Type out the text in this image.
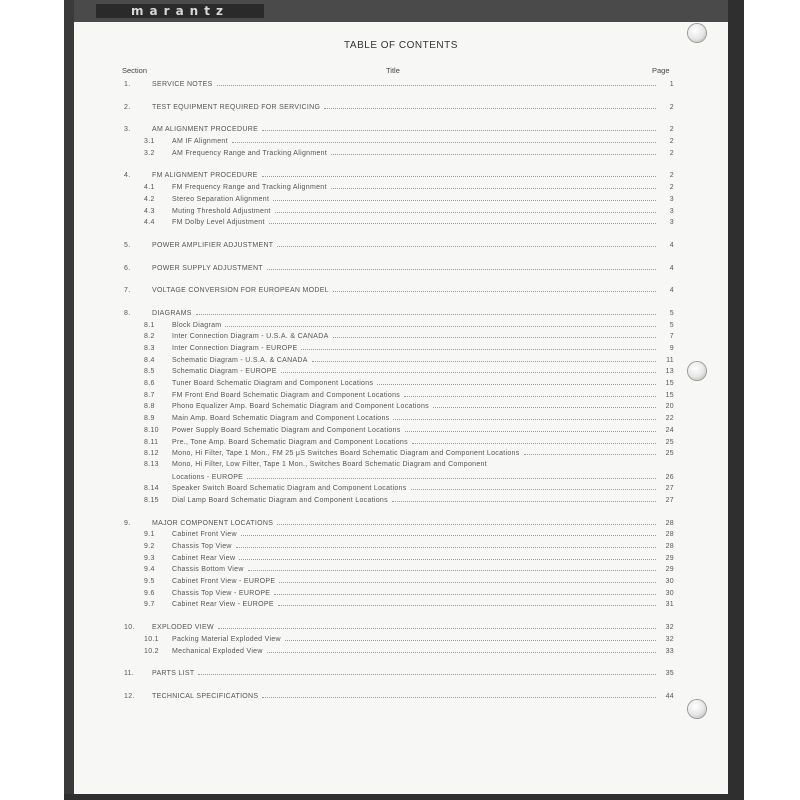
marantz
TABLE OF CONTENTS
Section	Title	Page
1.	SERVICE NOTES	1
2.	TEST EQUIPMENT REQUIRED FOR SERVICING	2
3.	AM ALIGNMENT PROCEDURE	2
3.1	AM IF Alignment	2
3.2	AM Frequency Range and Tracking Alignment	2
4.	FM ALIGNMENT PROCEDURE	2
4.1	FM Frequency Range and Tracking Alignment	2
4.2	Stereo Separation Alignment	3
4.3	Muting Threshold Adjustment	3
4.4	FM Dolby Level Adjustment	3
5.	POWER AMPLIFIER ADJUSTMENT	4
6.	POWER SUPPLY ADJUSTMENT	4
7.	VOLTAGE CONVERSION FOR EUROPEAN MODEL	4
8.	DIAGRAMS	5
8.1	Block Diagram	5
8.2	Inter Connection Diagram - U.S.A. & CANADA	7
8.3	Inter Connection Diagram - EUROPE	9
8.4	Schematic Diagram - U.S.A. & CANADA	11
8.5	Schematic Diagram - EUROPE	13
8.6	Tuner Board Schematic Diagram and Component Locations	15
8.7	FM Front End Board Schematic Diagram and Component Locations	15
8.8	Phono Equalizer Amp. Board Schematic Diagram and Component Locations	20
8.9	Main Amp. Board Schematic Diagram and Component Locations	22
8.10	Power Supply Board Schematic Diagram and Component Locations	24
8.11	Pre., Tone Amp. Board Schematic Diagram and Component Locations	25
8.12	Mono, Hi Filter, Tape 1 Mon., FM 25 μS Switches Board Schematic Diagram and Component Locations	25
8.13	Mono, Hi Filter, Low Filter, Tape 1 Mon., Switches Board Schematic Diagram and Component
Locations - EUROPE	26
8.14	Speaker Switch Board Schematic Diagram and Component Locations	27
8.15	Dial Lamp Board Schematic Diagram and Component Locations	27
9.	MAJOR COMPONENT LOCATIONS	28
9.1	Cabinet Front View	28
9.2	Chassis Top View	28
9.3	Cabinet Rear View	29
9.4	Chassis Bottom View	29
9.5	Cabinet Front View - EUROPE	30
9.6	Chassis Top View - EUROPE	30
9.7	Cabinet Rear View - EUROPE	31
10.	EXPLODED VIEW	32
10.1	Packing Material Exploded View	32
10.2	Mechanical Exploded View	33
11.	PARTS LIST	35
12.	TECHNICAL SPECIFICATIONS	44
